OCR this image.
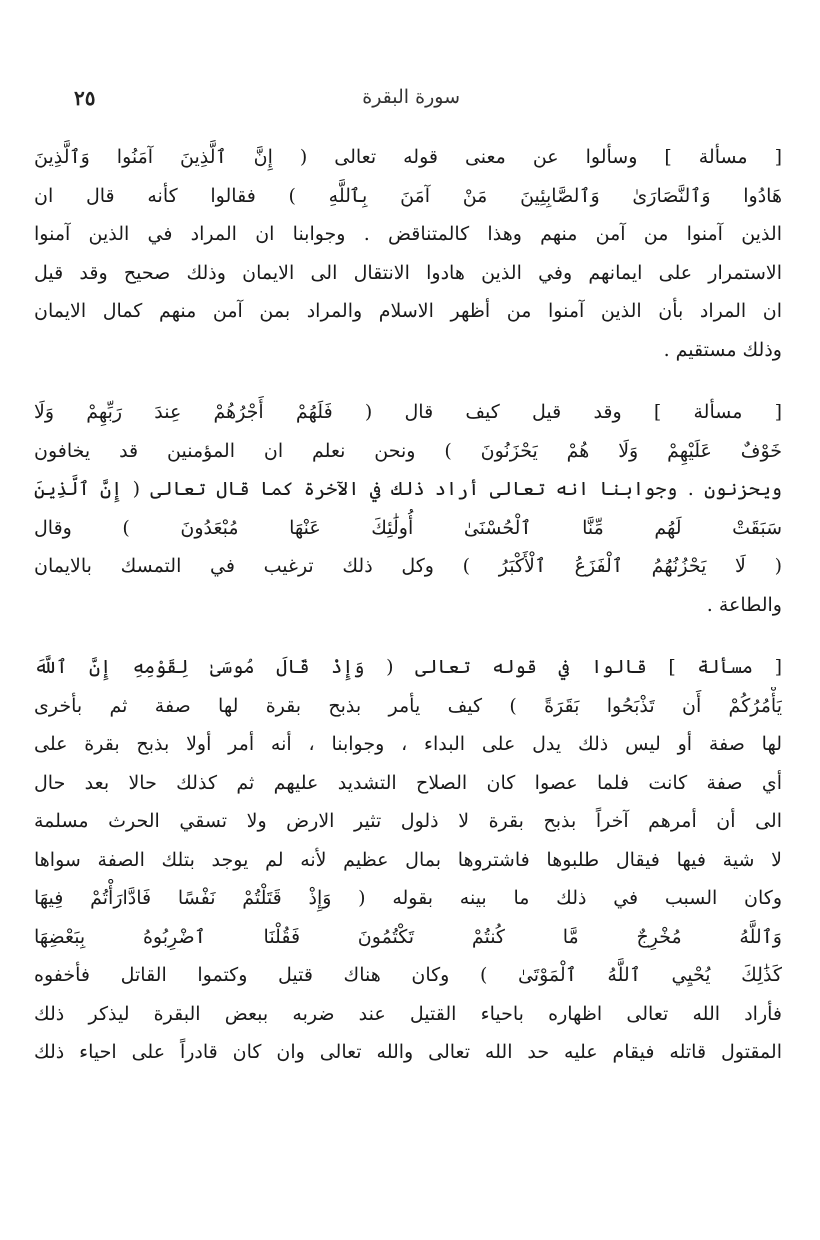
سورة البقرة
٢٥
[ مسألة ] وسألوا عن معنى قوله تعالى ( إِنَّ ٱلَّذِينَ آمَنُوا وَٱلَّذِينَ
هَادُوا وَٱلنَّصَارَىٰ وَٱلصَّابِئِينَ مَنْ آمَنَ بِٱللَّهِ ) فقالوا كأنه قال ان
الذين آمنوا من آمن منهم وهذا كالمتناقض . وجوابنا ان المراد في الذين آمنوا
الاستمرار على ايمانهم وفي الذين هادوا الانتقال الى الايمان وذلك صحيح وقد قيل
ان المراد بأن الذين آمنوا من أظهر الاسلام والمراد بمن آمن منهم كمال الايمان
وذلك مستقيم .
[ مسألة ] وقد قيل كيف قال ( فَلَهُمْ أَجْرُهُمْ عِندَ رَبِّهِمْ وَلَا
خَوْفٌ عَلَيْهِمْ وَلَا هُمْ يَحْزَنُونَ ) ونحن نعلم ان المؤمنين قد يخافون
ويحزنون . وجوابنا انه تعالى أراد ذلك في الآخرة كما قال تعالى ( إِنَّ ٱلَّذِينَ
سَبَقَتْ لَهُم مِّنَّا ٱلْحُسْنَىٰ أُولَٰئِكَ عَنْهَا مُبْعَدُونَ ) وقال
( لَا يَحْزُنُهُمُ ٱلْفَزَعُ ٱلْأَكْبَرُ ) وكل ذلك ترغيب في التمسك بالايمان
والطاعة .
[ مسألة ] قالوا في قوله تعالى ( وَإِذْ قَالَ مُوسَىٰ لِقَوْمِهِ إِنَّ ٱللَّهَ
يَأْمُرُكُمْ أَن تَذْبَحُوا بَقَرَةً ) كيف يأمر بذبح بقرة لها صفة ثم بأخرى
لها صفة أو ليس ذلك يدل على البداء ، وجوابنا ، أنه أمر أولا بذبح بقرة على
أي صفة كانت فلما عصوا كان الصلاح التشديد عليهم ثم كذلك حالا بعد حال
الى أن أمرهم آخراً بذبح بقرة لا ذلول تثير الارض ولا تسقي الحرث مسلمة
لا شية فيها فيقال طلبوها فاشتروها بمال عظيم لأنه لم يوجد بتلك الصفة سواها
وكان السبب في ذلك ما بينه بقوله ( وَإِذْ قَتَلْتُمْ نَفْسًا فَادَّارَأْتُمْ فِيهَا
وَٱللَّهُ مُخْرِجٌ مَّا كُنتُمْ تَكْتُمُونَ فَقُلْنَا ٱضْرِبُوهُ بِبَعْضِهَا
كَذَٰلِكَ يُحْيِي ٱللَّهُ ٱلْمَوْتَىٰ ) وكان هناك قتيل وكتموا القاتل فأخفوه
فأراد الله تعالى اظهاره باحياء القتيل عند ضربه ببعض البقرة ليذكر ذلك
المقتول قاتله فيقام عليه حد الله تعالى والله تعالى وان كان قادراً على احياء ذلك
